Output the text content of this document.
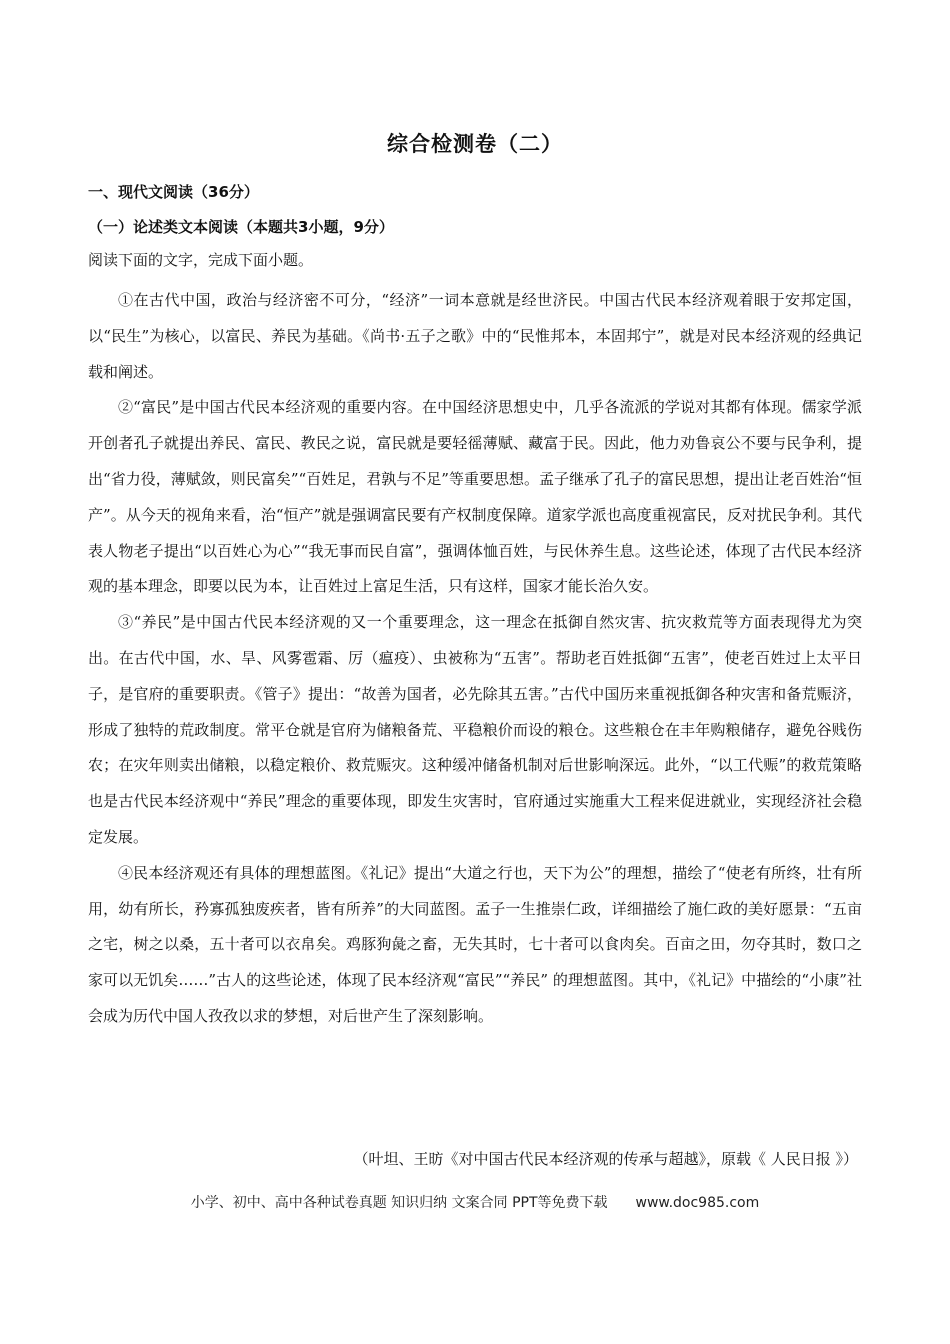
综合检测卷（二）
一、现代文阅读（36分）
（一）论述类文本阅读（本题共3小题，9分）
阅读下面的文字，完成下面小题。

①在古代中国，政治与经济密不可分，“经济”一词本意就是经世济民。中国古代民本经济观着眼于安邦定国，以“民生”为核心，以富民、养民为基础。《尚书·五子之歌》中的“民惟邦本，本固邦宁”，就是对民本经济观的经典记载和阐述。

②“富民”是中国古代民本经济观的重要内容。在中国经济思想史中，几乎各流派的学说对其都有体现。儒家学派开创者孔子就提出养民、富民、教民之说，富民就是要轻徭薄赋、藏富于民。因此，他力劝鲁哀公不要与民争利，提出“省力役，薄赋敛，则民富矣”“百姓足，君孰与不足”等重要思想。孟子继承了孔子的富民思想，提出让老百姓治“恒产”。从今天的视角来看，治“恒产”就是强调富民要有产权制度保障。道家学派也高度重视富民，反对扰民争利。其代表人物老子提出“以百姓心为心”“我无事而民自富”，强调体恤百姓，与民休养生息。这些论述，体现了古代民本经济观的基本理念，即要以民为本，让百姓过上富足生活，只有这样，国家才能长治久安。

③“养民”是中国古代民本经济观的又一个重要理念，这一理念在抵御自然灾害、抗灾救荒等方面表现得尤为突出。在古代中国，水、旱、风雾雹霜、厉（瘟疫）、虫被称为“五害”。帮助老百姓抵御“五害”，使老百姓过上太平日子，是官府的重要职责。《管子》提出：“故善为国者，必先除其五害。”古代中国历来重视抵御各种灾害和备荒赈济，形成了独特的荒政制度。常平仓就是官府为储粮备荒、平稳粮价而设的粮仓。这些粮仓在丰年购粮储存，避免谷贱伤农；在灾年则卖出储粮，以稳定粮价、救荒赈灾。这种缓冲储备机制对后世影响深远。此外，“以工代赈”的救荒策略也是古代民本经济观中“养民”理念的重要体现，即发生灾害时，官府通过实施重大工程来促进就业，实现经济社会稳定发展。

④民本经济观还有具体的理想蓝图。《礼记》提出“大道之行也，天下为公”的理想，描绘了“使老有所终，壮有所用，幼有所长，矜寡孤独废疾者，皆有所养”的大同蓝图。孟子一生推崇仁政，详细描绘了施仁政的美好愿景：“五亩之宅，树之以桑，五十者可以衣帛矣。鸡豚狗彘之畜，无失其时，七十者可以食肉矣。百亩之田，勿夺其时，数口之家可以无饥矣……”古人的这些论述，体现了民本经济观“富民”“养民” 的理想蓝图。其中，《礼记》中描绘的“小康”社会成为历代中国人孜孜以求的梦想，对后世产生了深刻影响。

（叶坦、王昉《对中国古代民本经济观的传承与超越》，原载《 人民日报 》）
小学、初中、高中各种试卷真题 知识归纳 文案合同 PPT等免费下载 www.doc985.com
